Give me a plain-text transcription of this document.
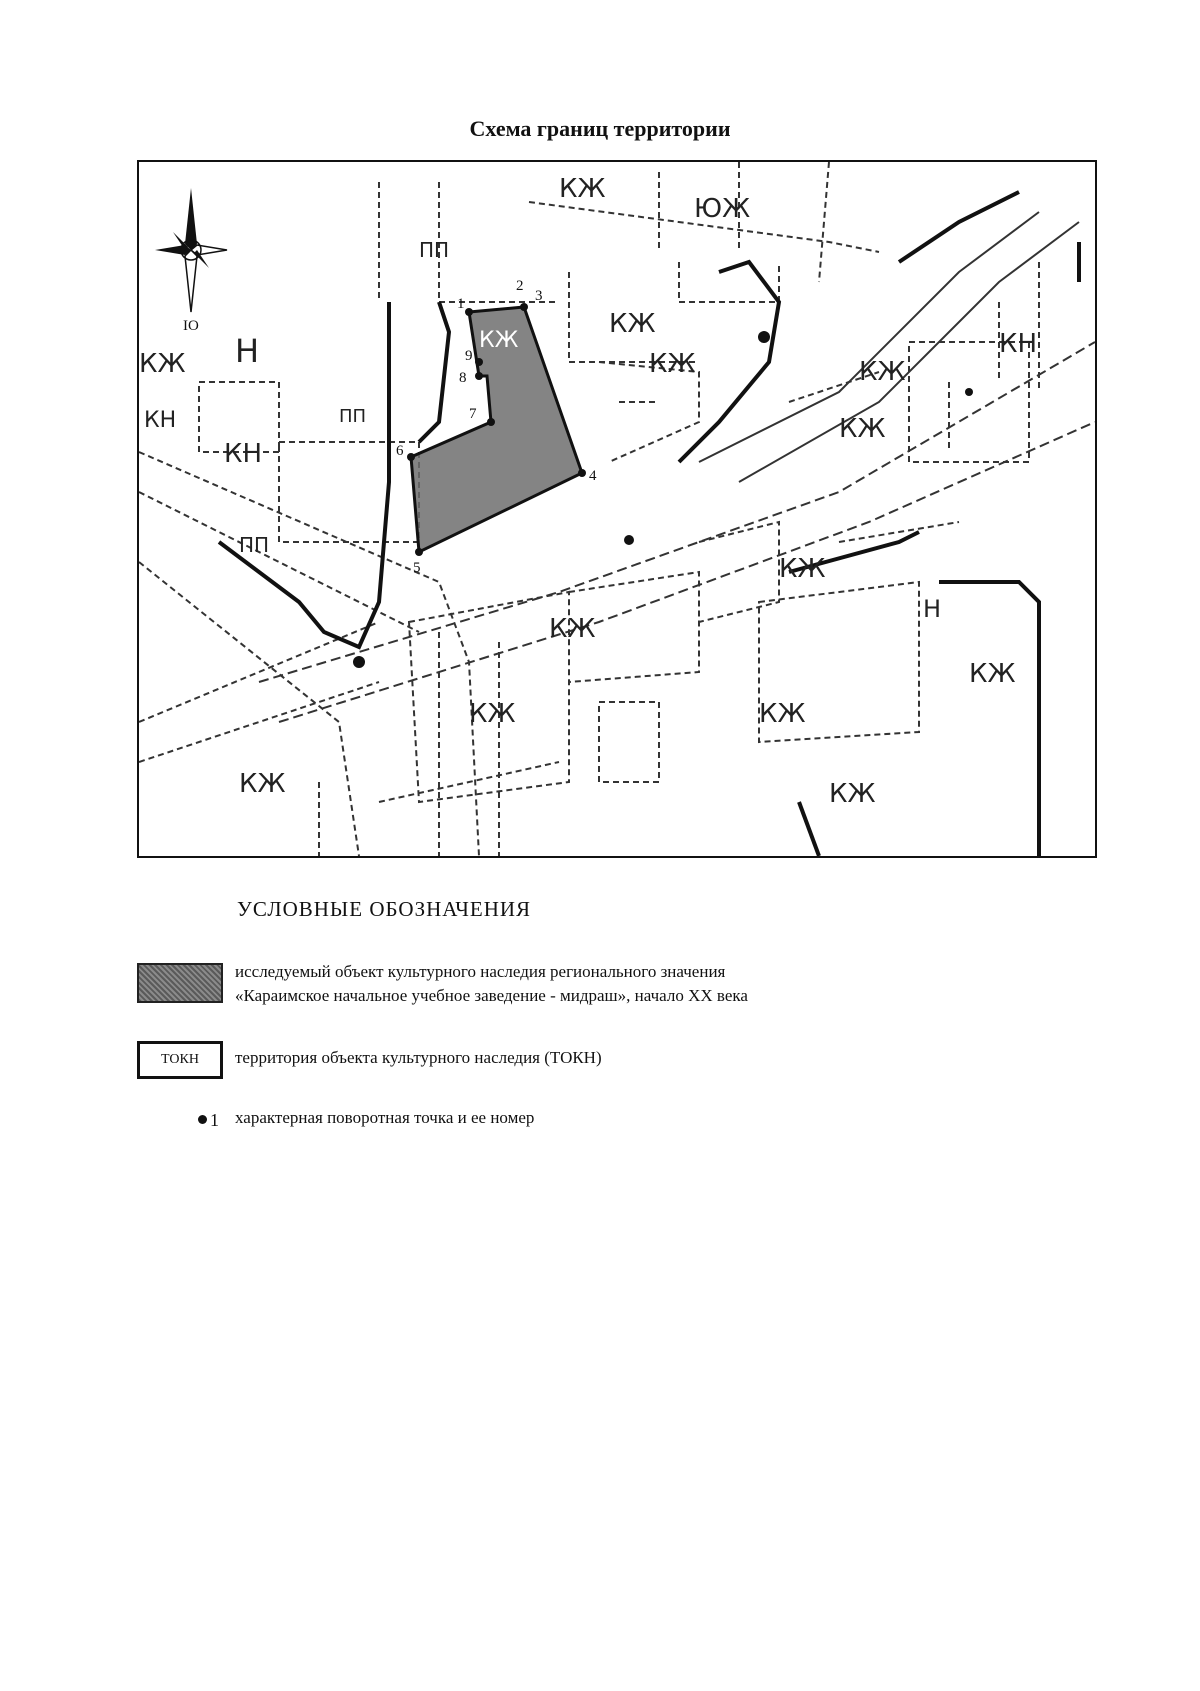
Схема границ территории
1
2
3
4
5
6
7
8
9
IO
КЖ
КЖ
КЖ
КЖ
КЖ
КЖ
КЖ
КЖ
КЖ
КЖ
КЖ	КЖ
КЖ
КЖ
КН
КН
КН
Н
Н
ПП
ПП
ПП
ЮЖ
УСЛОВНЫЕ ОБОЗНАЧЕНИЯ
исследуемый объект культурного наследия регионального значения
«Караимское начальное учебное заведение - мидраш», начало XX века
ТОКН	территория объекта культурного наследия (ТОКН)
1 характерная поворотная точка и ее номер
